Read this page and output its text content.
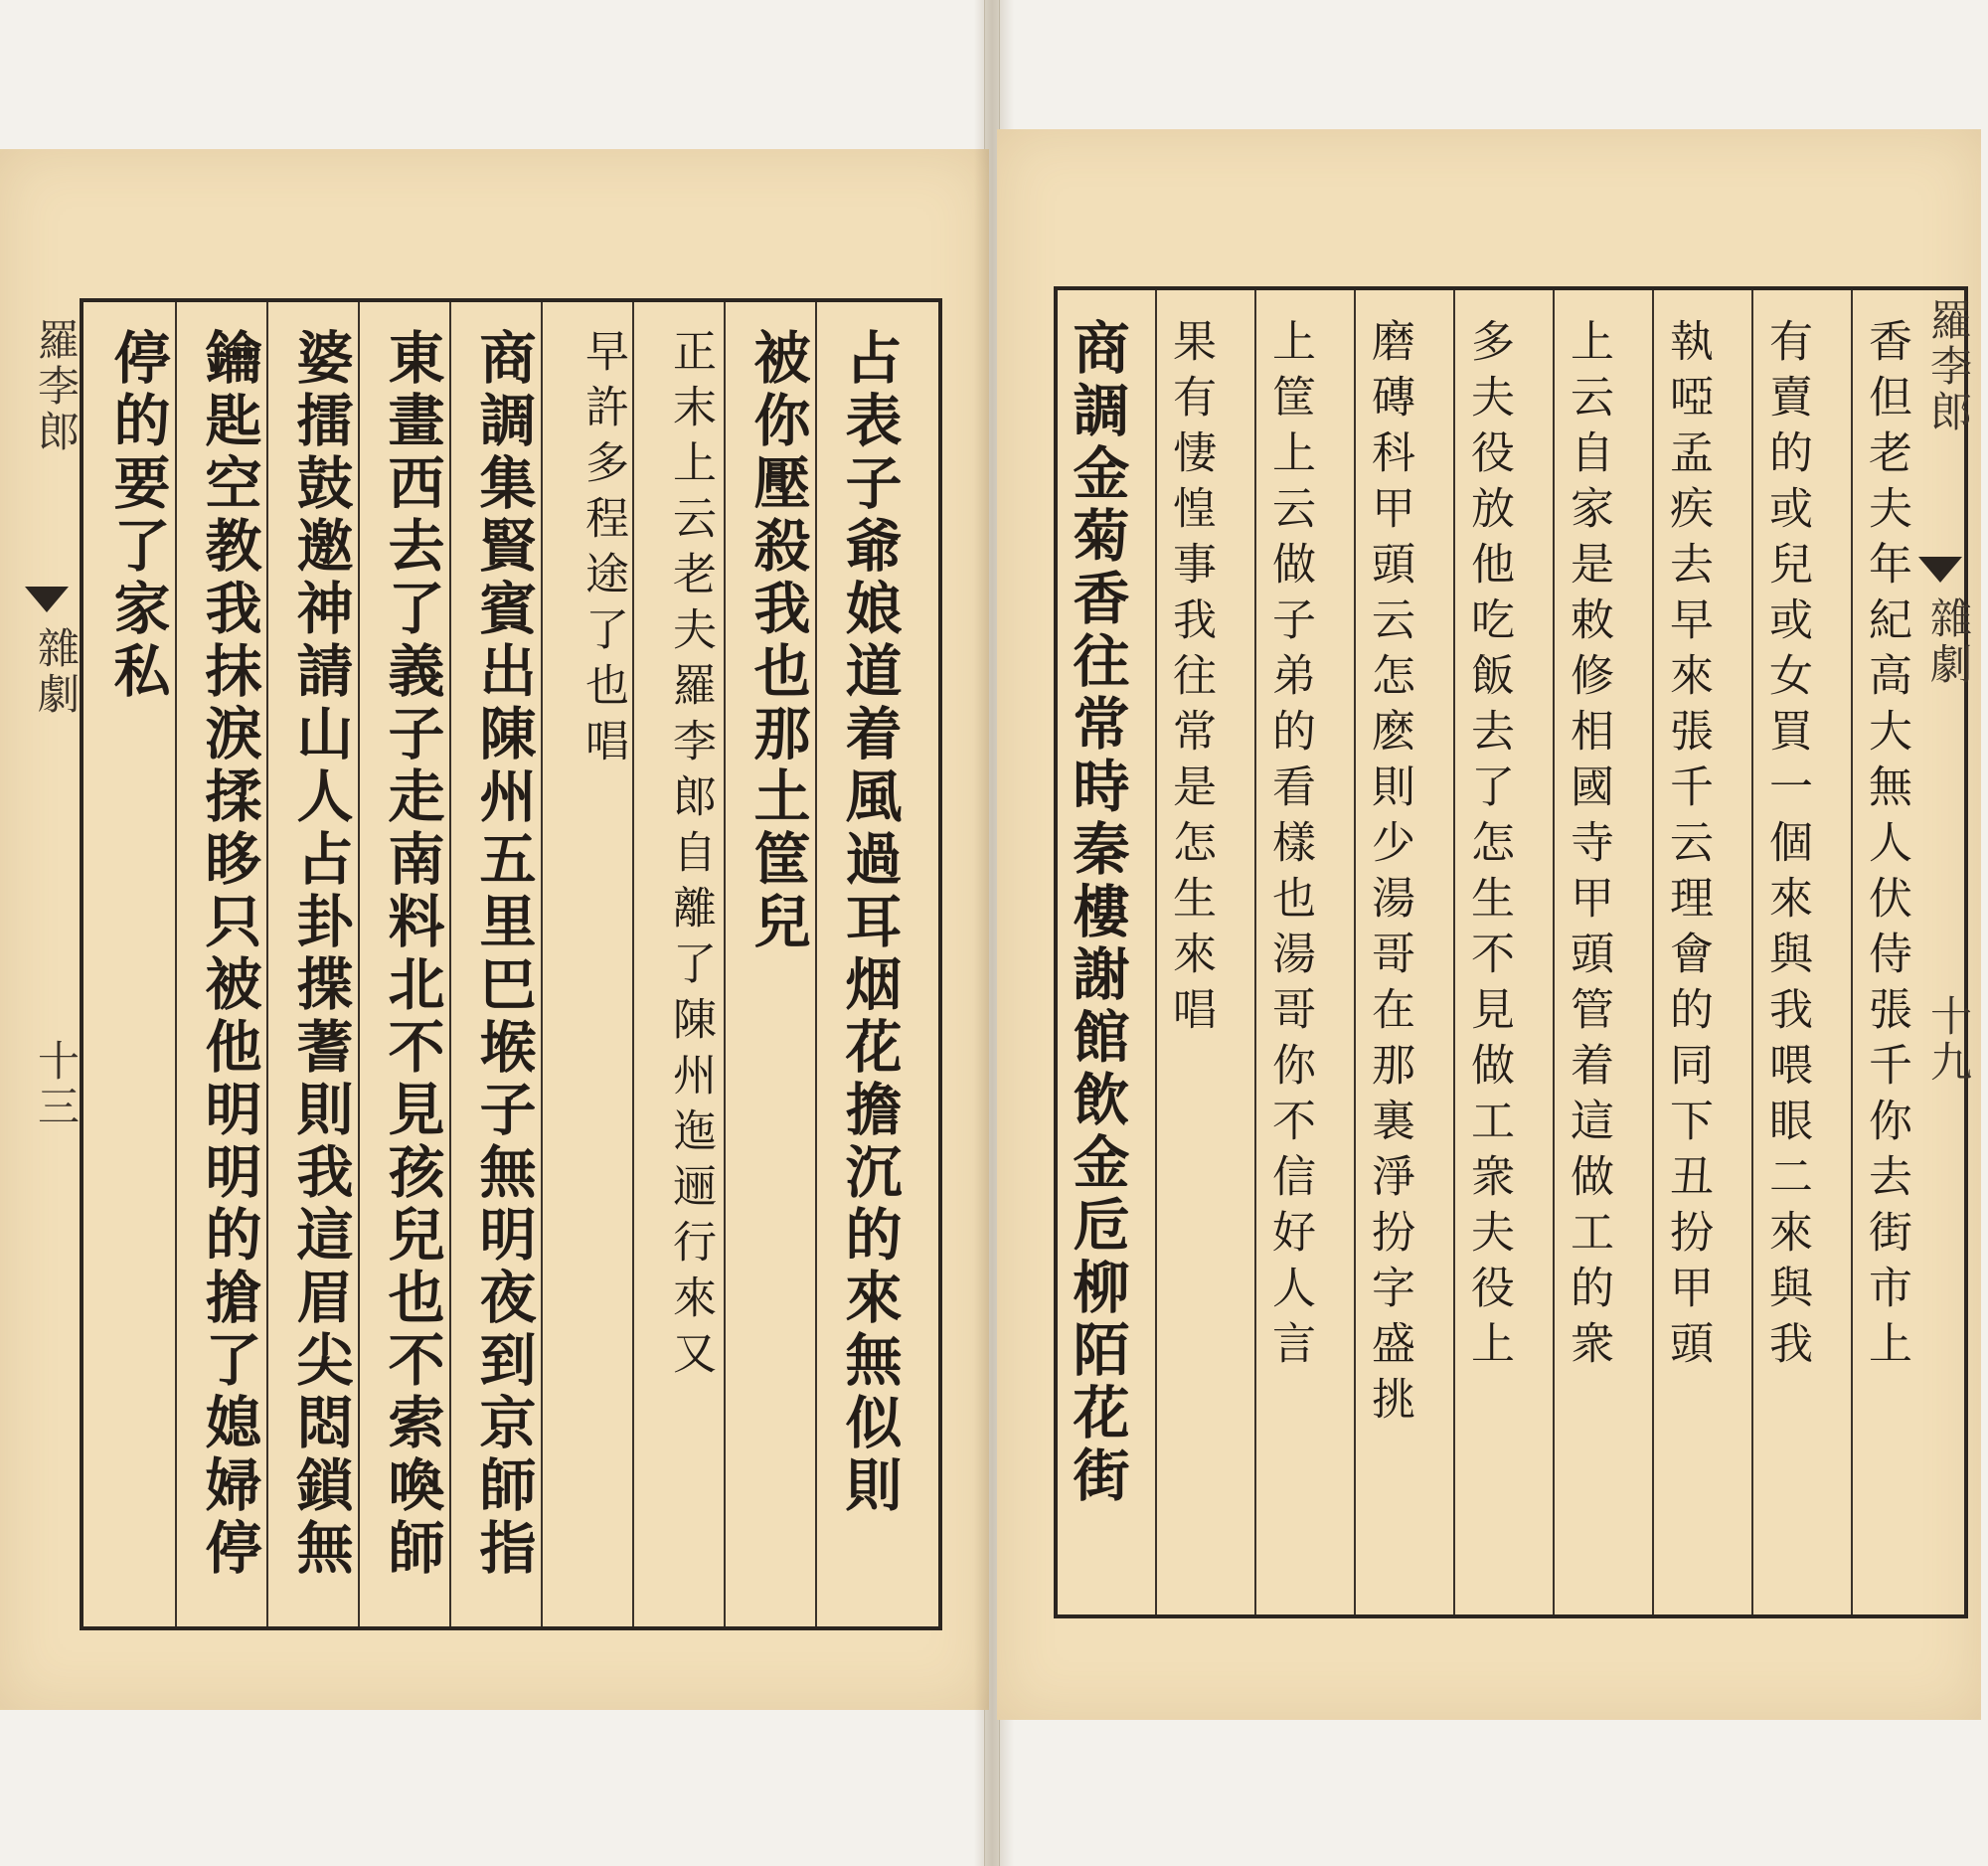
羅李郎
雜劇
十三	占表子爺娘道着風過耳烟花擔沉的來無似則
被你壓殺我也那土筐兒
正末上云老夫羅李郎自離了陳州迤逦行來又
早許多程途了也唱
商調集賢賓出陳州五里巴堠子無明夜到京師指
東畫西去了義子走南料北不見孩兒也不索喚師
婆擂鼓邀神請山人占卦揲蓍則我這眉尖悶鎖無
鑰匙空教我抹淚揉眵只被他明明的搶了媳婦停
停的要了家私	羅李郎
雜劇
十九
香但老夫年紀高大無人伏侍張千你去街市上
有賣的或兒或女買一個來與我喂眼二來與我
執啞孟疾去早來張千云理會的同下丑扮甲頭
上云自家是敕修相國寺甲頭管着這做工的衆
多夫役放他吃飯去了怎生不見做工衆夫役上
磨磚科甲頭云怎麽則少湯哥在那裏淨扮字盛挑
上筐上云做子弟的看樣也湯哥你不信好人言
果有悽惶事我往常是怎生來唱
商調金菊香往常時秦樓謝館飲金卮柳陌花街
